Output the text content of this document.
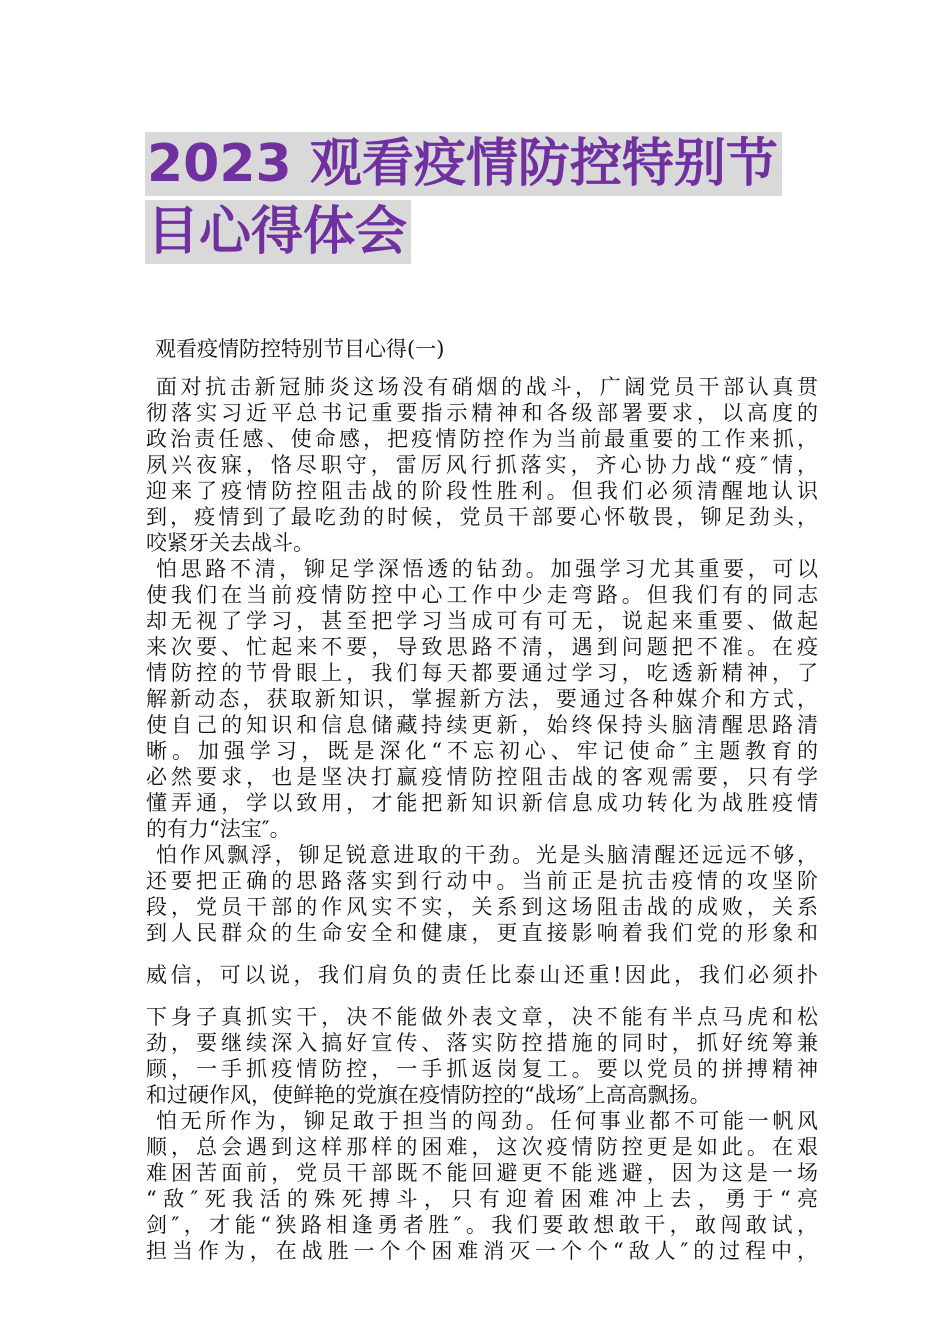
2023 观看疫情防控特别节
目心得体会
观看疫情防控特别节目心得(一)
面对抗击新冠肺炎这场没有硝烟的战斗，广阔党员干部认真贯
彻落实习近平总书记重要指示精神和各级部署要求，以高度的
政治责任感、使命感，把疫情防控作为当前最重要的工作来抓，
夙兴夜寐，恪尽职守，雷厉风行抓落实，齐心协力战“疫″情，
迎来了疫情防控阻击战的阶段性胜利。但我们必须清醒地认识
到，疫情到了最吃劲的时候，党员干部要心怀敬畏，铆足劲头，
咬紧牙关去战斗。
怕思路不清，铆足学深悟透的钻劲。加强学习尤其重要，可以
使我们在当前疫情防控中心工作中少走弯路。但我们有的同志
却无视了学习，甚至把学习当成可有可无，说起来重要、做起
来次要、忙起来不要，导致思路不清，遇到问题把不准。在疫
情防控的节骨眼上，我们每天都要通过学习，吃透新精神，了
解新动态，获取新知识，掌握新方法，要通过各种媒介和方式，
使自己的知识和信息储藏持续更新，始终保持头脑清醒思路清
晰。加强学习，既是深化“不忘初心、牢记使命″主题教育的
必然要求，也是坚决打赢疫情防控阻击战的客观需要，只有学
懂弄通，学以致用，才能把新知识新信息成功转化为战胜疫情
的有力“法宝″。
怕作风飘浮，铆足锐意进取的干劲。光是头脑清醒还远远不够，
还要把正确的思路落实到行动中。当前正是抗击疫情的攻坚阶
段，党员干部的作风实不实，关系到这场阻击战的成败，关系
到人民群众的生命安全和健康，更直接影响着我们党的形象和
威信，可以说，我们肩负的责任比泰山还重!因此，我们必须扑
下身子真抓实干，决不能做外表文章，决不能有半点马虎和松
劲，要继续深入搞好宣传、落实防控措施的同时，抓好统筹兼
顾，一手抓疫情防控，一手抓返岗复工。要以党员的拼搏精神
和过硬作风，使鲜艳的党旗在疫情防控的“战场″上高高飘扬。
怕无所作为，铆足敢于担当的闯劲。任何事业都不可能一帆风
顺，总会遇到这样那样的困难，这次疫情防控更是如此。在艰
难困苦面前，党员干部既不能回避更不能逃避，因为这是一场
“敌″死我活的殊死搏斗，只有迎着困难冲上去，勇于“亮
剑″，才能“狭路相逢勇者胜″。我们要敢想敢干，敢闯敢试，
担当作为，在战胜一个个困难消灭一个个“敌人″的过程中，
